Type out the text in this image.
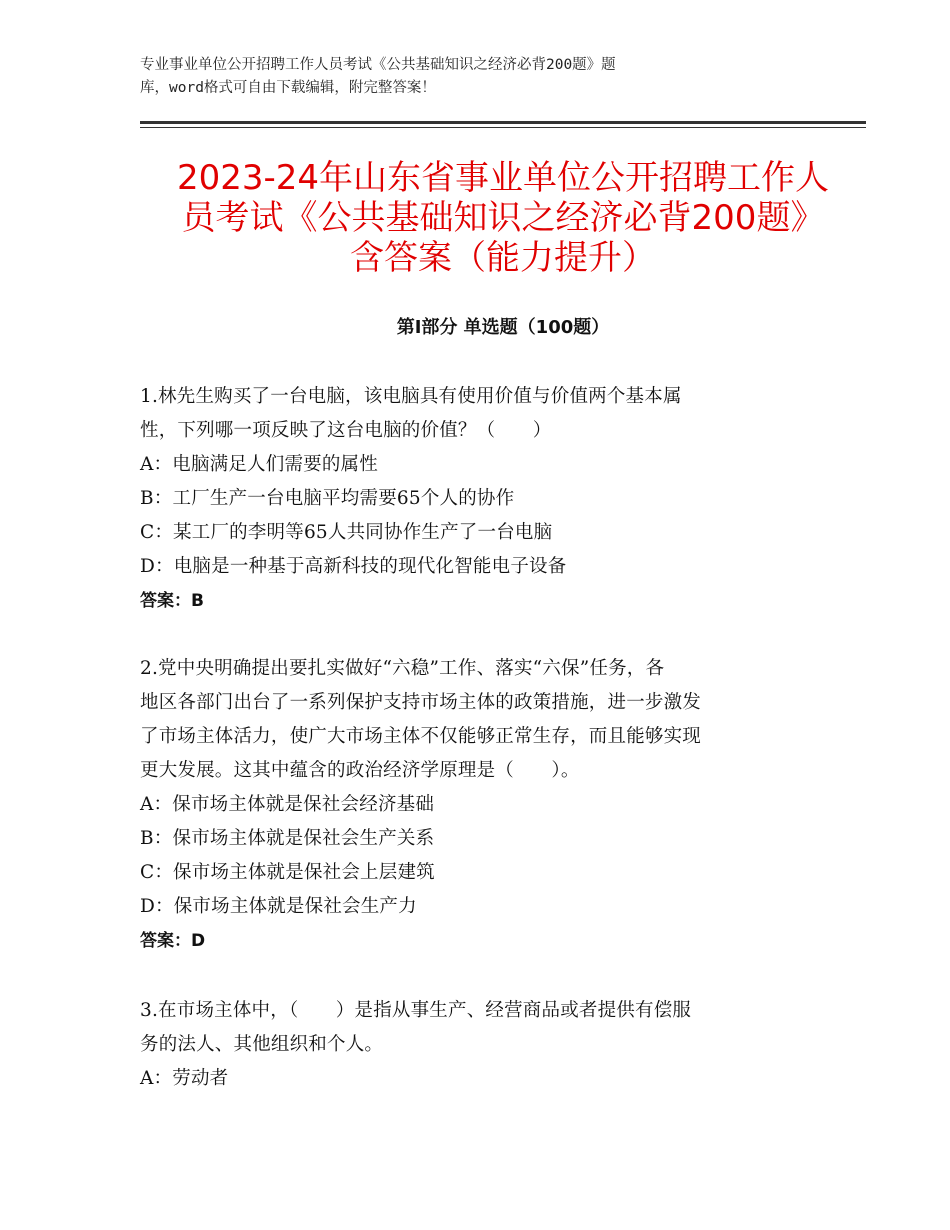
专业事业单位公开招聘工作人员考试《公共基础知识之经济必背200题》题
库，word格式可自由下载编辑，附完整答案！
2023-24年山东省事业单位公开招聘工作人
员考试《公共基础知识之经济必背200题》
含答案（能力提升）
第Ⅰ部分 单选题（100题）
1.林先生购买了一台电脑，该电脑具有使用价值与价值两个基本属
性，下列哪一项反映了这台电脑的价值？（　　）
A：电脑满足人们需要的属性
B：工厂生产一台电脑平均需要65个人的协作
C：某工厂的李明等65人共同协作生产了一台电脑
D：电脑是一种基于高新科技的现代化智能电子设备
答案：B
2.党中央明确提出要扎实做好“六稳”工作、落实“六保”任务，各
地区各部门出台了一系列保护支持市场主体的政策措施，进一步激发
了市场主体活力，使广大市场主体不仅能够正常生存，而且能够实现
更大发展。这其中蕴含的政治经济学原理是（　　）。
A：保市场主体就是保社会经济基础
B：保市场主体就是保社会生产关系
C：保市场主体就是保社会上层建筑
D：保市场主体就是保社会生产力
答案：D
3.在市场主体中，（　　）是指从事生产、经营商品或者提供有偿服
务的法人、其他组织和个人。
A：劳动者
